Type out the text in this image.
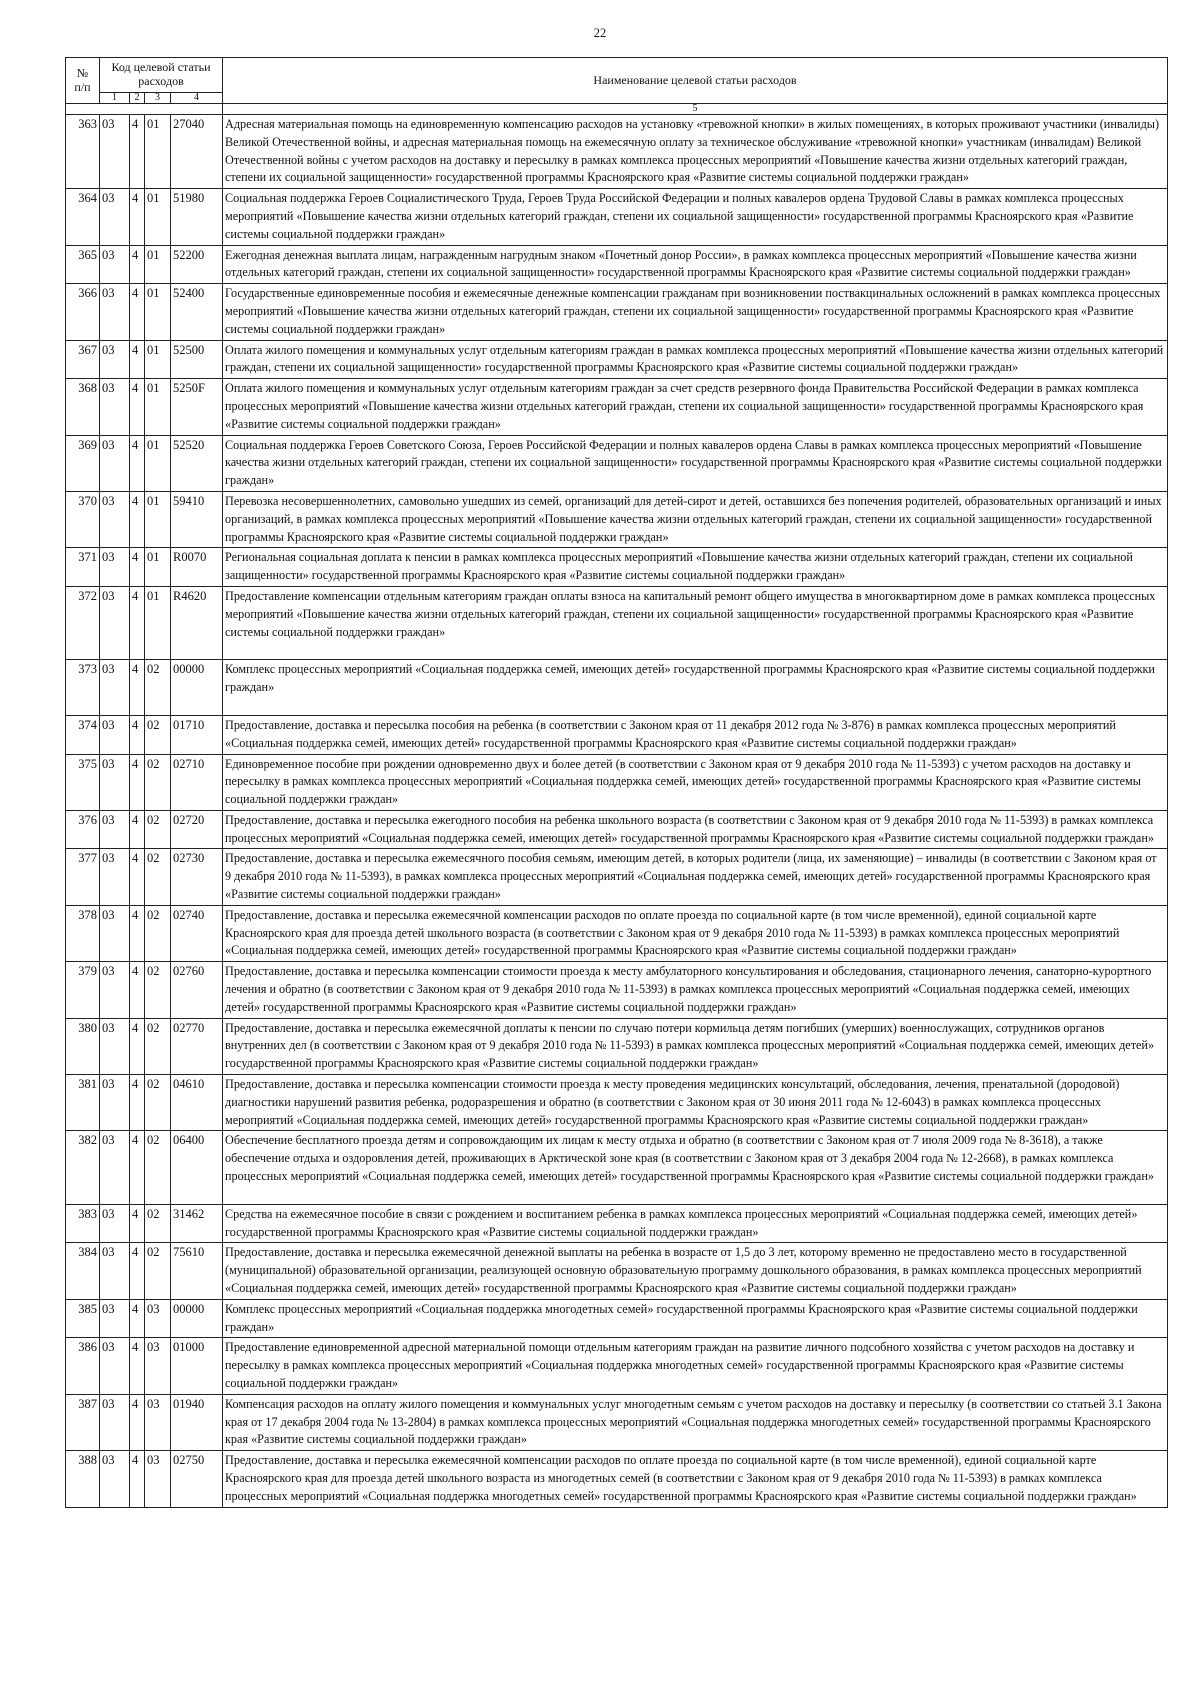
22
№
п/п	Код целевой статьи расходов				Наименование целевой статьи расходов
	1	2	3	4	
					5
363	03	4	01	27040	Адресная материальная помощь на единовременную компенсацию расходов на установку «тревожной кнопки» в жилых помещениях, в которых проживают участники (инвалиды) Великой Отечественной войны, и адресная материальная помощь на ежемесячную оплату за техническое обслуживание «тревожной кнопки» участникам (инвалидам) Великой Отечественной войны с учетом расходов на доставку и пересылку в рамках комплекса процессных мероприятий «Повышение качества жизни отдельных категорий граждан, степени их социальной защищенности» государственной программы Красноярского края «Развитие системы социальной поддержки граждан»
364	03	4	01	51980	Социальная поддержка Героев Социалистического Труда, Героев Труда Российской Федерации и полных кавалеров ордена Трудовой Славы в рамках комплекса процессных мероприятий «Повышение качества жизни отдельных категорий граждан, степени их социальной защищенности» государственной программы Красноярского края «Развитие системы социальной поддержки граждан»
365	03	4	01	52200	Ежегодная денежная выплата лицам, награжденным нагрудным знаком «Почетный донор России», в рамках комплекса процессных мероприятий «Повышение качества жизни отдельных категорий граждан, степени их социальной защищенности» государственной программы Красноярского края «Развитие системы социальной поддержки граждан»
366	03	4	01	52400	Государственные единовременные пособия и ежемесячные денежные компенсации гражданам при возникновении поствакцинальных осложнений в рамках комплекса процессных мероприятий «Повышение качества жизни отдельных категорий граждан, степени их социальной защищенности» государственной программы Красноярского края «Развитие системы социальной поддержки граждан»
367	03	4	01	52500	Оплата жилого помещения и коммунальных услуг отдельным категориям граждан в рамках комплекса процессных мероприятий «Повышение качества жизни отдельных категорий граждан, степени их социальной защищенности» государственной программы Красноярского края «Развитие системы социальной поддержки граждан»
368	03	4	01	5250F	Оплата жилого помещения и коммунальных услуг отдельным категориям граждан за счет средств резервного фонда Правительства Российской Федерации в рамках комплекса процессных мероприятий «Повышение качества жизни отдельных категорий граждан, степени их социальной защищенности» государственной программы Красноярского края «Развитие системы социальной поддержки граждан»
369	03	4	01	52520	Социальная поддержка Героев Советского Союза, Героев Российской Федерации и полных кавалеров ордена Славы в рамках комплекса процессных мероприятий «Повышение качества жизни отдельных категорий граждан, степени их социальной защищенности» государственной программы Красноярского края «Развитие системы социальной поддержки граждан»
370	03	4	01	59410	Перевозка несовершеннолетних, самовольно ушедших из семей, организаций для детей-сирот и детей, оставшихся без попечения родителей, образовательных организаций и иных организаций, в рамках комплекса процессных мероприятий «Повышение качества жизни отдельных категорий граждан, степени их социальной защищенности» государственной программы Красноярского края «Развитие системы социальной поддержки граждан»
371	03	4	01	R0070	Региональная социальная доплата к пенсии в рамках комплекса процессных мероприятий «Повышение качества жизни отдельных категорий граждан, степени их социальной защищенности» государственной программы Красноярского края «Развитие системы социальной поддержки граждан»
372	03	4	01	R4620	Предоставление компенсации отдельным категориям граждан оплаты взноса на капитальный ремонт общего имущества в многоквартирном доме в рамках комплекса процессных мероприятий «Повышение качества жизни отдельных категорий граждан, степени их социальной защищенности» государственной программы Красноярского края «Развитие системы социальной поддержки граждан»
373	03	4	02	00000	Комплекс процессных мероприятий «Социальная поддержка семей, имеющих детей» государственной программы Красноярского края «Развитие системы социальной поддержки граждан»
374	03	4	02	01710	Предоставление, доставка и пересылка пособия на ребенка (в соответствии с Законом края от 11 декабря 2012 года № 3-876) в рамках комплекса процессных мероприятий «Социальная поддержка семей, имеющих детей» государственной программы Красноярского края «Развитие системы социальной поддержки граждан»
375	03	4	02	02710	Единовременное пособие при рождении одновременно двух и более детей (в соответствии с Законом края от 9 декабря 2010 года № 11-5393) с учетом расходов на доставку и пересылку в рамках комплекса процессных мероприятий «Социальная поддержка семей, имеющих детей» государственной программы Красноярского края «Развитие системы социальной поддержки граждан»
376	03	4	02	02720	Предоставление, доставка и пересылка ежегодного пособия на ребенка школьного возраста (в соответствии с Законом края от 9 декабря 2010 года № 11-5393) в рамках комплекса процессных мероприятий «Социальная поддержка семей, имеющих детей» государственной программы Красноярского края «Развитие системы социальной поддержки граждан»
377	03	4	02	02730	Предоставление, доставка и пересылка ежемесячного пособия семьям, имеющим детей, в которых родители (лица, их заменяющие) – инвалиды (в соответствии с Законом края от 9 декабря 2010 года № 11-5393), в рамках комплекса процессных мероприятий «Социальная поддержка семей, имеющих детей» государственной программы Красноярского края «Развитие системы социальной поддержки граждан»
378	03	4	02	02740	Предоставление, доставка и пересылка ежемесячной компенсации расходов по оплате проезда по социальной карте (в том числе временной), единой социальной карте Красноярского края для проезда детей школьного возраста (в соответствии с Законом края от 9 декабря 2010 года № 11-5393) в рамках комплекса процессных мероприятий «Социальная поддержка семей, имеющих детей» государственной программы Красноярского края «Развитие системы социальной поддержки граждан»
379	03	4	02	02760	Предоставление, доставка и пересылка компенсации стоимости проезда к месту амбулаторного консультирования и обследования, стационарного лечения, санаторно-курортного лечения и обратно (в соответствии с Законом края от 9 декабря 2010 года № 11-5393) в рамках комплекса процессных мероприятий «Социальная поддержка семей, имеющих детей» государственной программы Красноярского края «Развитие системы социальной поддержки граждан»
380	03	4	02	02770	Предоставление, доставка и пересылка ежемесячной доплаты к пенсии по случаю потери кормильца детям погибших (умерших) военнослужащих, сотрудников органов внутренних дел (в соответствии с Законом края от 9 декабря 2010 года № 11-5393) в рамках комплекса процессных мероприятий «Социальная поддержка семей, имеющих детей» государственной программы Красноярского края «Развитие системы социальной поддержки граждан»
381	03	4	02	04610	Предоставление, доставка и пересылка компенсации стоимости проезда к месту проведения медицинских консультаций, обследования, лечения, пренатальной (дородовой) диагностики нарушений развития ребенка, родоразрешения и обратно (в соответствии с Законом края от 30 июня 2011 года № 12-6043) в рамках комплекса процессных мероприятий «Социальная поддержка семей, имеющих детей» государственной программы Красноярского края «Развитие системы социальной поддержки граждан»
382	03	4	02	06400	Обеспечение бесплатного проезда детям и сопровождающим их лицам к месту отдыха и обратно (в соответствии с Законом края от 7 июля 2009 года № 8-3618), а также обеспечение отдыха и оздоровления детей, проживающих в Арктической зоне края (в соответствии с Законом края от 3 декабря 2004 года № 12-2668), в рамках комплекса процессных мероприятий «Социальная поддержка семей, имеющих детей» государственной программы Красноярского края «Развитие системы социальной поддержки граждан»
383	03	4	02	31462	Средства на ежемесячное пособие в связи с рождением и воспитанием ребенка в рамках комплекса процессных мероприятий «Социальная поддержка семей, имеющих детей» государственной программы Красноярского края «Развитие системы социальной поддержки граждан»
384	03	4	02	75610	Предоставление, доставка и пересылка ежемесячной денежной выплаты на ребенка в возрасте от 1,5 до 3 лет, которому временно не предоставлено место в государственной (муниципальной) образовательной организации, реализующей основную образовательную программу дошкольного образования, в рамках комплекса процессных мероприятий «Социальная поддержка семей, имеющих детей» государственной программы Красноярского края «Развитие системы социальной поддержки граждан»
385	03	4	03	00000	Комплекс процессных мероприятий «Социальная поддержка многодетных семей» государственной программы Красноярского края «Развитие системы социальной поддержки граждан»
386	03	4	03	01000	Предоставление единовременной адресной материальной помощи отдельным категориям граждан на развитие личного подсобного хозяйства с учетом расходов на доставку и пересылку в рамках комплекса процессных мероприятий «Социальная поддержка многодетных семей» государственной программы Красноярского края «Развитие системы социальной поддержки граждан»
387	03	4	03	01940	Компенсация расходов на оплату жилого помещения и коммунальных услуг многодетным семьям с учетом расходов на доставку и пересылку (в соответствии со статьей 3.1 Закона края от 17 декабря 2004 года № 13-2804) в рамках комплекса процессных мероприятий «Социальная поддержка многодетных семей» государственной программы Красноярского края «Развитие системы социальной поддержки граждан»
388	03	4	03	02750	Предоставление, доставка и пересылка ежемесячной компенсации расходов по оплате проезда по социальной карте (в том числе временной), единой социальной карте Красноярского края для проезда детей школьного возраста из многодетных семей (в соответствии с Законом края от 9 декабря 2010 года № 11-5393) в рамках комплекса процессных мероприятий «Социальная поддержка многодетных семей» государственной программы Красноярского края «Развитие системы социальной поддержки граждан»
